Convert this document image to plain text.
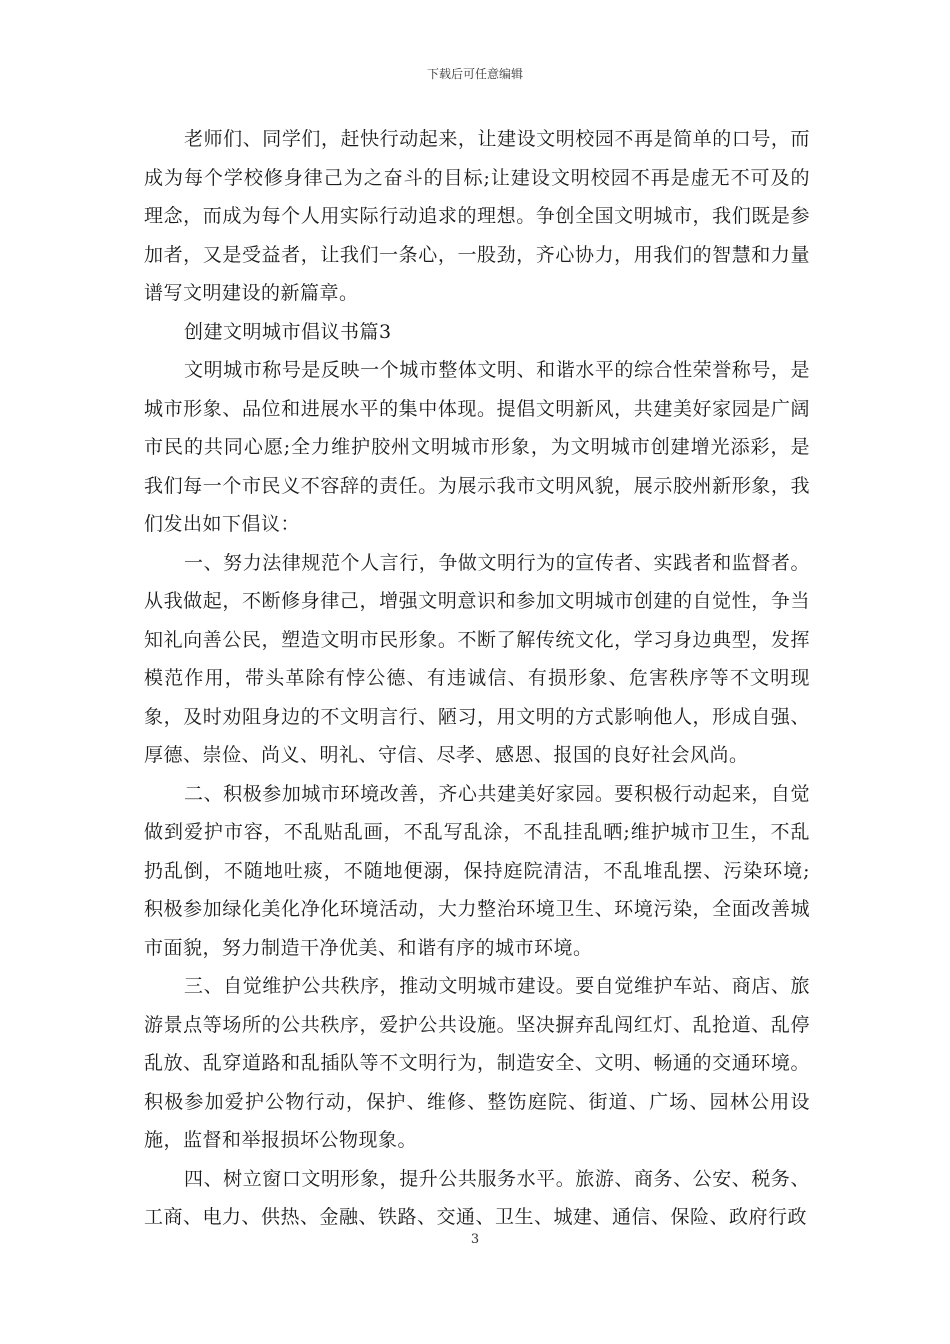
下载后可任意编辑

老师们、同学们，赶快行动起来，让建设文明校园不再是简单的口号，而成为每个学校修身律己为之奋斗的目标;让建设文明校园不再是虚无不可及的理念，而成为每个人用实际行动追求的理想。争创全国文明城市，我们既是参加者，又是受益者，让我们一条心，一股劲，齐心协力，用我们的智慧和力量谱写文明建设的新篇章。

创建文明城市倡议书篇3

文明城市称号是反映一个城市整体文明、和谐水平的综合性荣誉称号，是城市形象、品位和进展水平的集中体现。提倡文明新风，共建美好家园是广阔市民的共同心愿;全力维护胶州文明城市形象，为文明城市创建增光添彩，是我们每一个市民义不容辞的责任。为展示我市文明风貌，展示胶州新形象，我们发出如下倡议：

一、努力法律规范个人言行，争做文明行为的宣传者、实践者和监督者。从我做起，不断修身律己，增强文明意识和参加文明城市创建的自觉性，争当知礼向善公民，塑造文明市民形象。不断了解传统文化，学习身边典型，发挥模范作用，带头革除有悖公德、有违诚信、有损形象、危害秩序等不文明现象，及时劝阻身边的不文明言行、陋习，用文明的方式影响他人，形成自强、厚德、崇俭、尚义、明礼、守信、尽孝、感恩、报国的良好社会风尚。

二、积极参加城市环境改善，齐心共建美好家园。要积极行动起来，自觉做到爱护市容，不乱贴乱画，不乱写乱涂，不乱挂乱晒;维护城市卫生，不乱扔乱倒，不随地吐痰，不随地便溺，保持庭院清洁，不乱堆乱摆、污染环境;积极参加绿化美化净化环境活动，大力整治环境卫生、环境污染，全面改善城市面貌，努力制造干净优美、和谐有序的城市环境。

三、自觉维护公共秩序，推动文明城市建设。要自觉维护车站、商店、旅游景点等场所的公共秩序，爱护公共设施。坚决摒弃乱闯红灯、乱抢道、乱停乱放、乱穿道路和乱插队等不文明行为，制造安全、文明、畅通的交通环境。积极参加爱护公物行动，保护、维修、整饬庭院、街道、广场、园林公用设施，监督和举报损坏公物现象。

四、树立窗口文明形象，提升公共服务水平。旅游、商务、公安、税务、工商、电力、供热、金融、铁路、交通、卫生、城建、通信、保险、政府行政

3
